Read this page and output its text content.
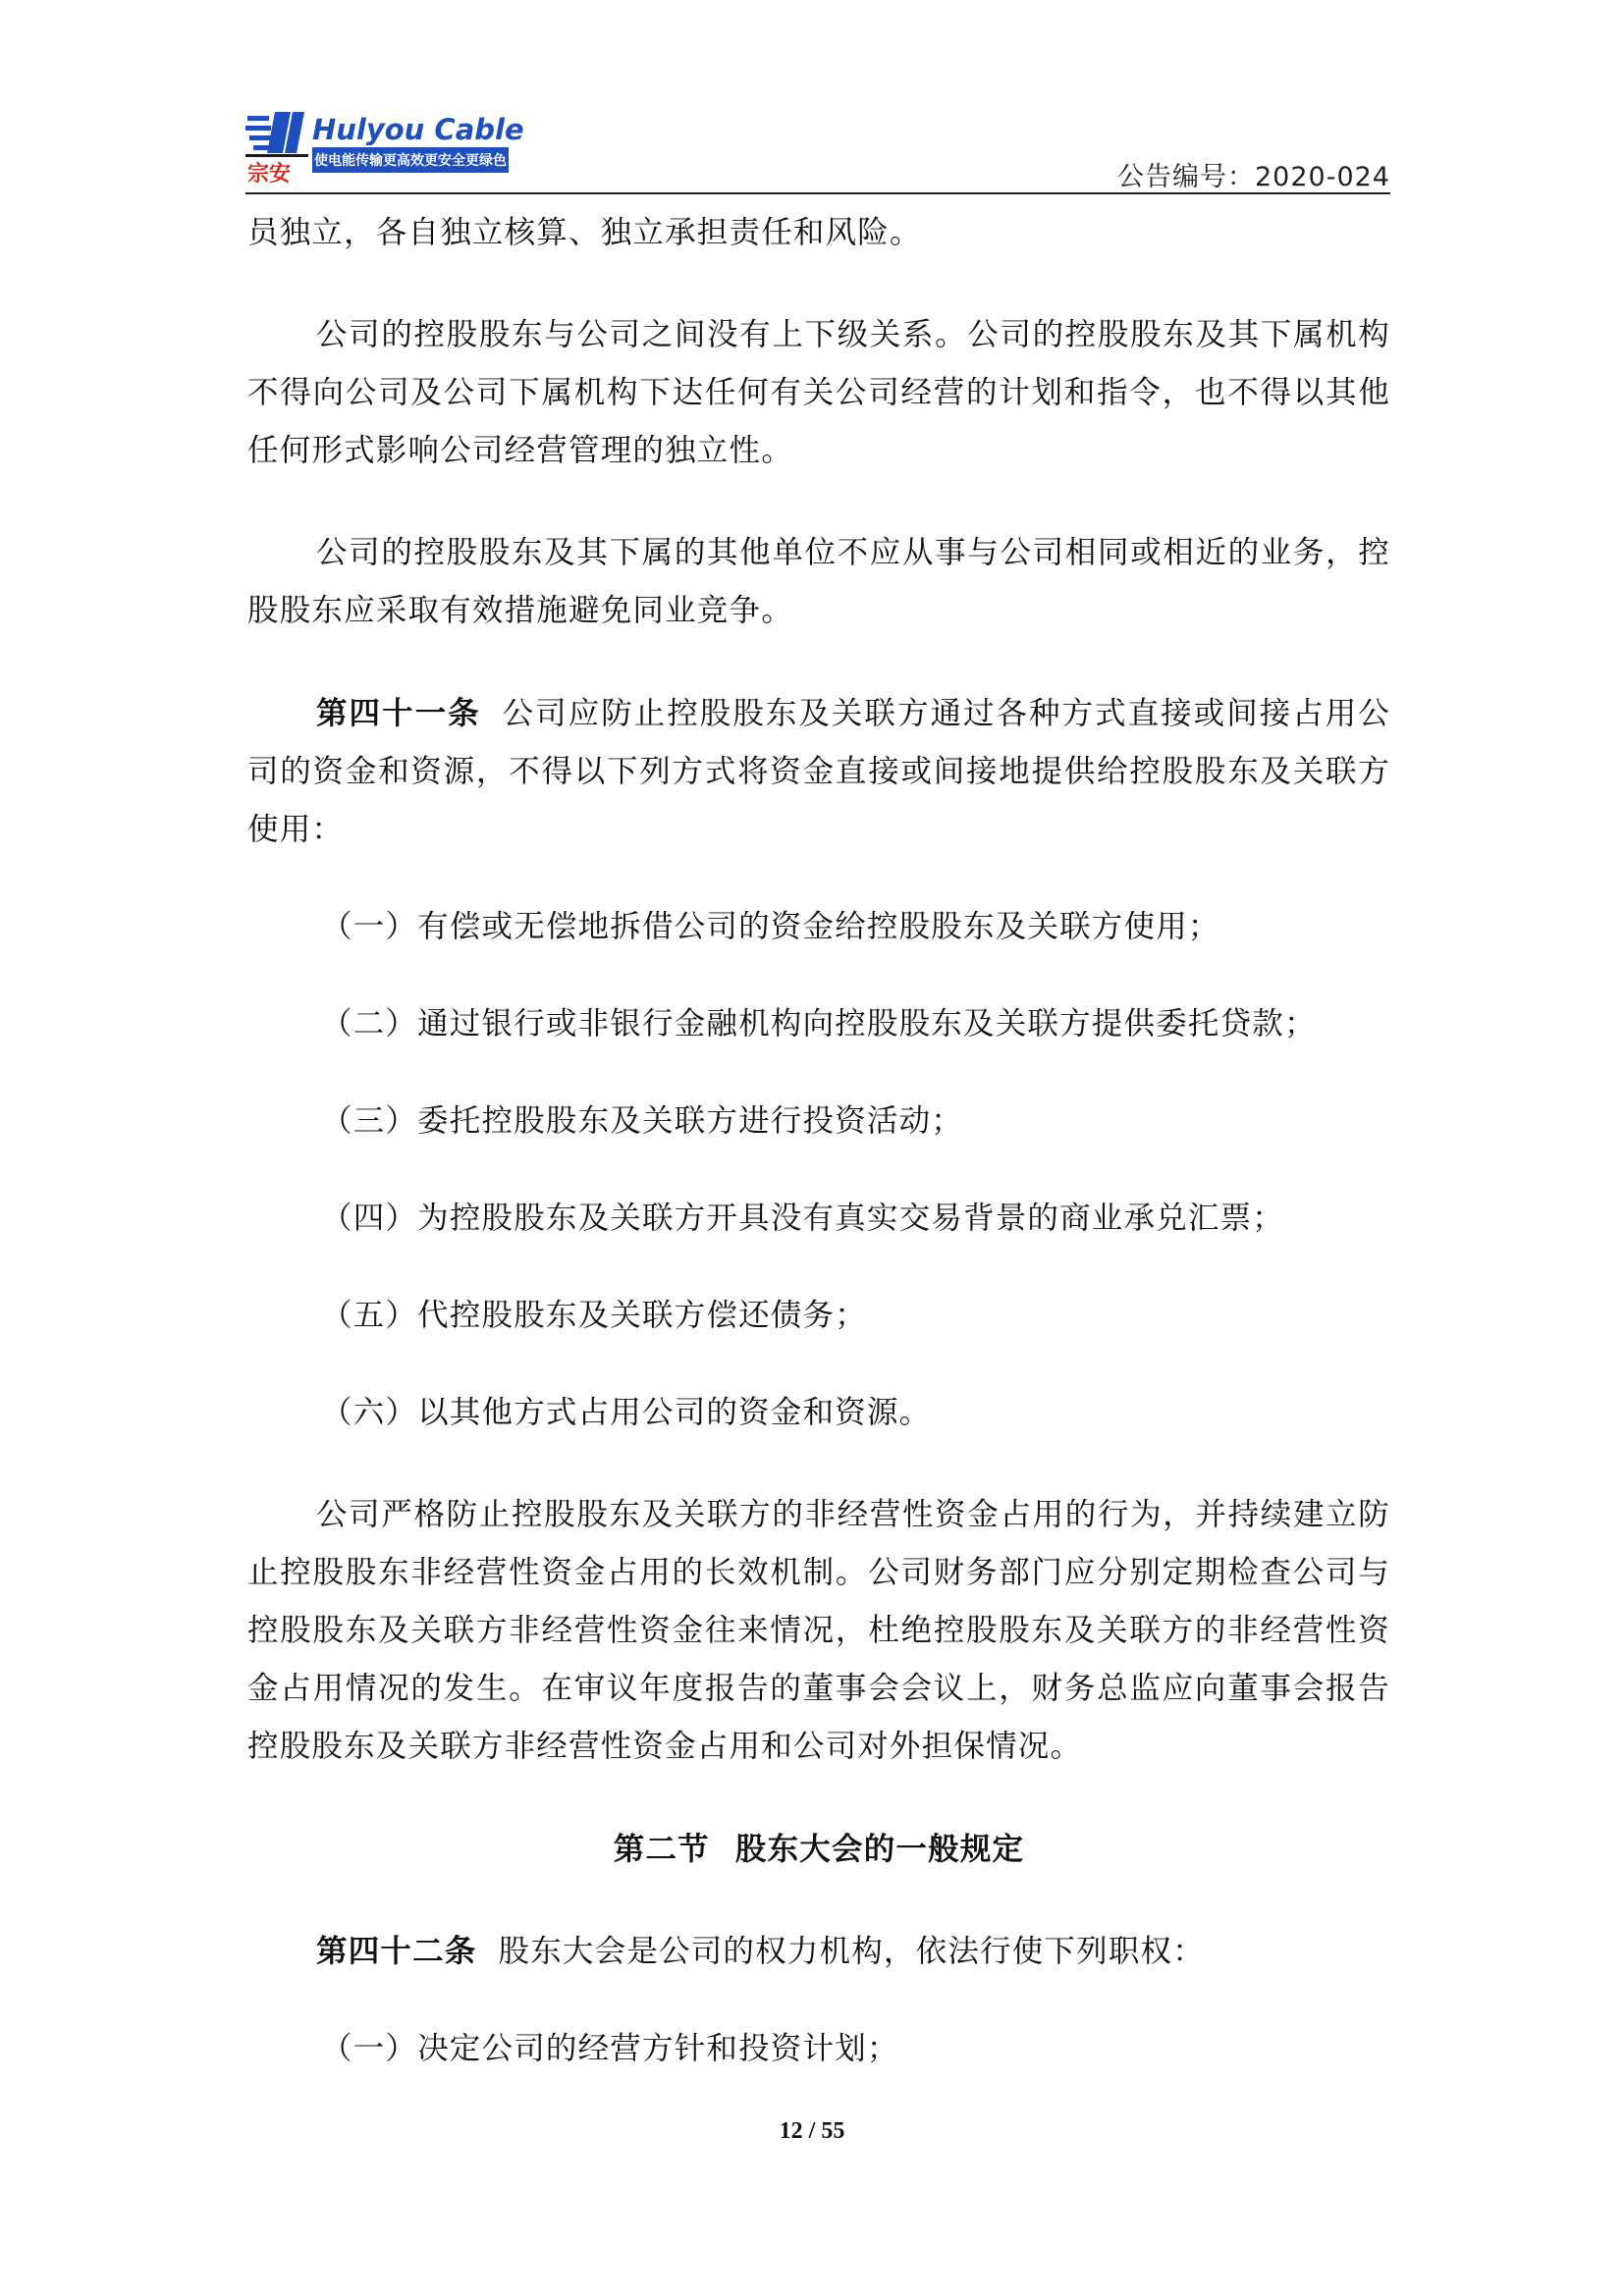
宗安
Hulyou Cable
使电能传输更高效更安全更绿色
公告编号：2020-024

员独立，各自独立核算、独立承担责任和风险。

公司的控股股东与公司之间没有上下级关系。公司的控股股东及其下属机构不得向公司及公司下属机构下达任何有关公司经营的计划和指令，也不得以其他任何形式影响公司经营管理的独立性。

公司的控股股东及其下属的其他单位不应从事与公司相同或相近的业务，控股股东应采取有效措施避免同业竞争。

第四十一条 公司应防止控股股东及关联方通过各种方式直接或间接占用公司的资金和资源，不得以下列方式将资金直接或间接地提供给控股股东及关联方使用：

（一）有偿或无偿地拆借公司的资金给控股股东及关联方使用；

（二）通过银行或非银行金融机构向控股股东及关联方提供委托贷款；

（三）委托控股股东及关联方进行投资活动；

（四）为控股股东及关联方开具没有真实交易背景的商业承兑汇票；

（五）代控股股东及关联方偿还债务；

（六）以其他方式占用公司的资金和资源。

公司严格防止控股股东及关联方的非经营性资金占用的行为，并持续建立防止控股股东非经营性资金占用的长效机制。公司财务部门应分别定期检查公司与控股股东及关联方非经营性资金往来情况，杜绝控股股东及关联方的非经营性资金占用情况的发生。在审议年度报告的董事会会议上，财务总监应向董事会报告控股股东及关联方非经营性资金占用和公司对外担保情况。

第二节 股东大会的一般规定

第四十二条 股东大会是公司的权力机构，依法行使下列职权：

（一）决定公司的经营方针和投资计划；

12 / 55
